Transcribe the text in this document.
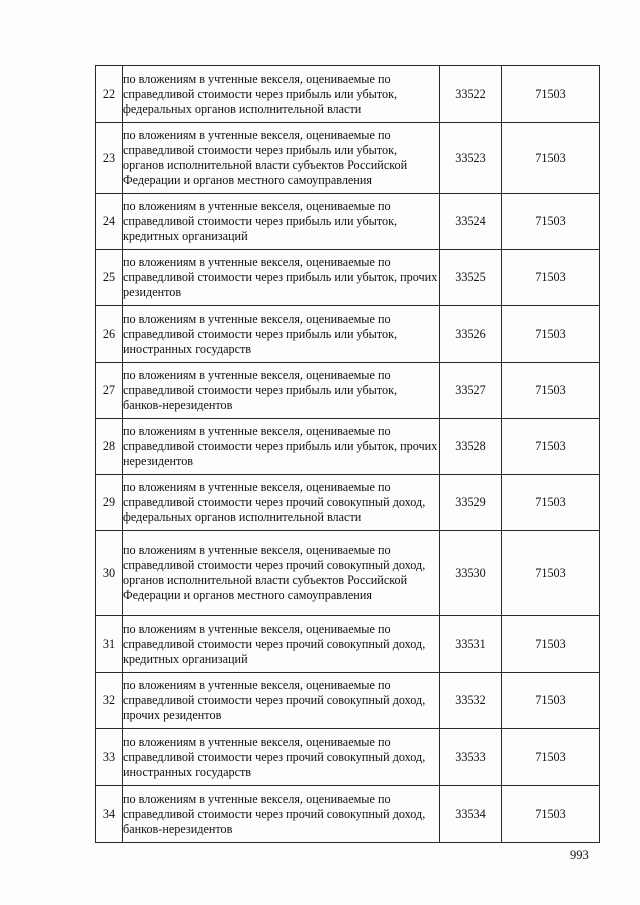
22	по вложениям в учтенные векселя, оцениваемые по справедливой стоимости через прибыль или убыток, федеральных органов исполнительной власти	33522	71503
23	по вложениям в учтенные векселя, оцениваемые по справедливой стоимости через прибыль или убыток, органов исполнительной власти субъектов Российской Федерации и органов местного самоуправления	33523	71503
24	по вложениям в учтенные векселя, оцениваемые по справедливой стоимости через прибыль или убыток, кредитных организаций	33524	71503
25	по вложениям в учтенные векселя, оцениваемые по справедливой стоимости через прибыль или убыток, прочих резидентов	33525	71503
26	по вложениям в учтенные векселя, оцениваемые по справедливой стоимости через прибыль или убыток, иностранных государств	33526	71503
27	по вложениям в учтенные векселя, оцениваемые по справедливой стоимости через прибыль или убыток, банков-нерезидентов	33527	71503
28	по вложениям в учтенные векселя, оцениваемые по справедливой стоимости через прибыль или убыток, прочих нерезидентов	33528	71503
29	по вложениям в учтенные векселя, оцениваемые по справедливой стоимости через прочий совокупный доход, федеральных органов исполнительной власти	33529	71503
30	по вложениям в учтенные векселя, оцениваемые по справедливой стоимости через прочий совокупный доход, органов исполнительной власти субъектов Российской Федерации и органов местного самоуправления	33530	71503
31	по вложениям в учтенные векселя, оцениваемые по справедливой стоимости через прочий совокупный доход, кредитных организаций	33531	71503
32	по вложениям в учтенные векселя, оцениваемые по справедливой стоимости через прочий совокупный доход, прочих резидентов	33532	71503
33	по вложениям в учтенные векселя, оцениваемые по справедливой стоимости через прочий совокупный доход, иностранных государств	33533	71503
34	по вложениям в учтенные векселя, оцениваемые по справедливой стоимости через прочий совокупный доход, банков-нерезидентов	33534	71503
993
